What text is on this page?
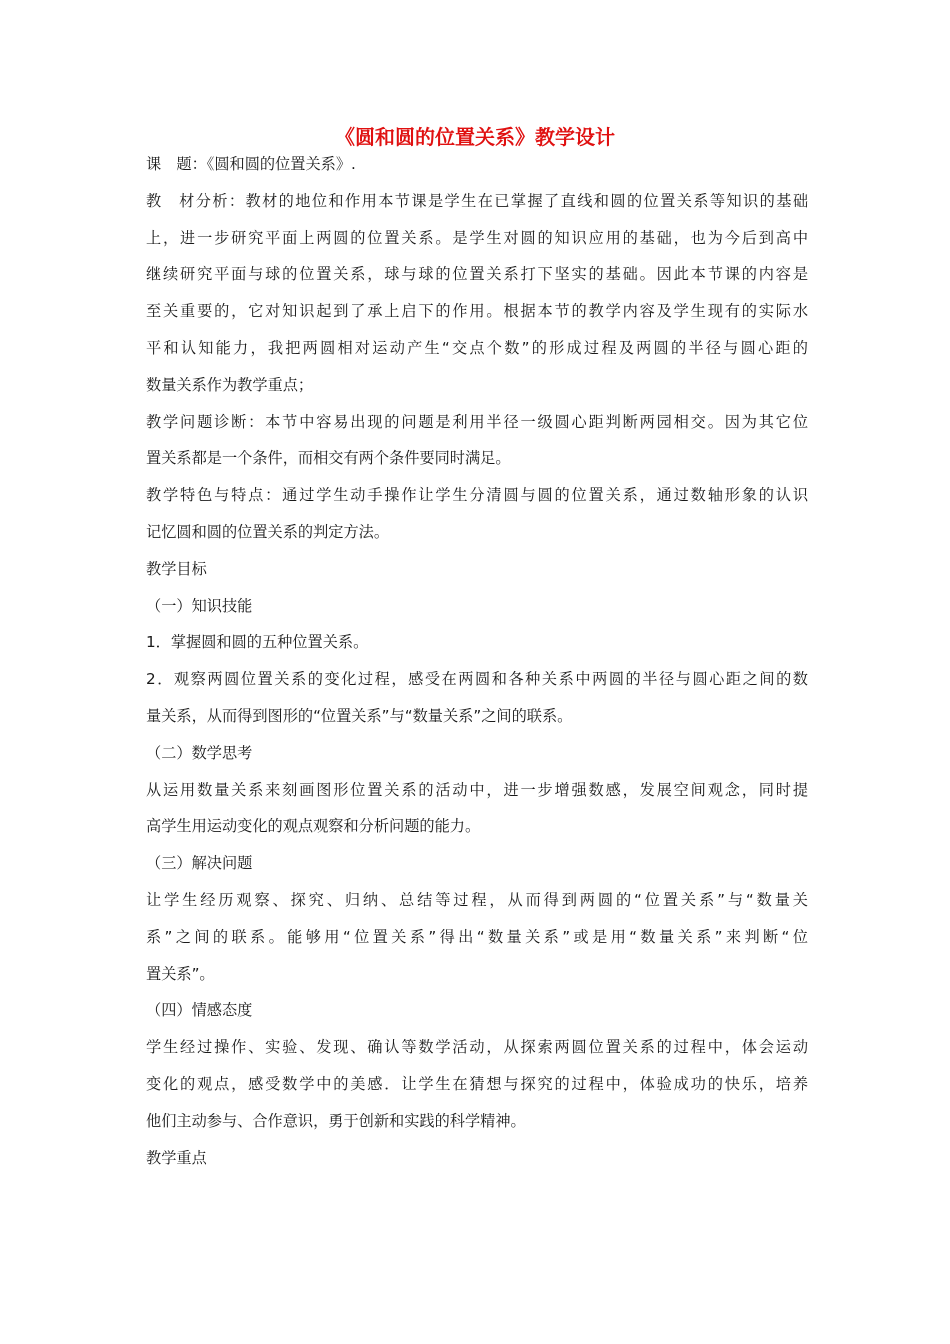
《圆和圆的位置关系》教学设计
课　题：《圆和圆的位置关系》.
教　材分析：教材的地位和作用本节课是学生在已掌握了直线和圆的位置关系等知识的基础
上，进一步研究平面上两圆的位置关系。是学生对圆的知识应用的基础，也为今后到高中
继续研究平面与球的位置关系，球与球的位置关系打下坚实的基础。因此本节课的内容是
至关重要的，它对知识起到了承上启下的作用。根据本节的教学内容及学生现有的实际水
平和认知能力，我把两圆相对运动产生“交点个数”的形成过程及两圆的半径与圆心距的
数量关系作为教学重点；
教学问题诊断：本节中容易出现的问题是利用半径一级圆心距判断两园相交。因为其它位
置关系都是一个条件，而相交有两个条件要同时满足。
教学特色与特点：通过学生动手操作让学生分清圆与圆的位置关系，通过数轴形象的认识
记忆圆和圆的位置关系的判定方法。
教学目标
（一）知识技能
1．掌握圆和圆的五种位置关系。
2．观察两圆位置关系的变化过程，感受在两圆和各种关系中两圆的半径与圆心距之间的数
量关系，从而得到图形的“位置关系”与“数量关系”之间的联系。
（二）数学思考
从运用数量关系来刻画图形位置关系的活动中，进一步增强数感，发展空间观念，同时提
高学生用运动变化的观点观察和分析问题的能力。
（三）解决问题
让学生经历观察、探究、归纳、总结等过程，从而得到两圆的“位置关系”与“数量关
系”之间的联系。能够用“位置关系”得出“数量关系”或是用“数量关系”来判断“位
置关系”。
（四）情感态度
学生经过操作、实验、发现、确认等数学活动，从探索两圆位置关系的过程中，体会运动
变化的观点，感受数学中的美感．让学生在猜想与探究的过程中，体验成功的快乐，培养
他们主动参与、合作意识，勇于创新和实践的科学精神。
教学重点
